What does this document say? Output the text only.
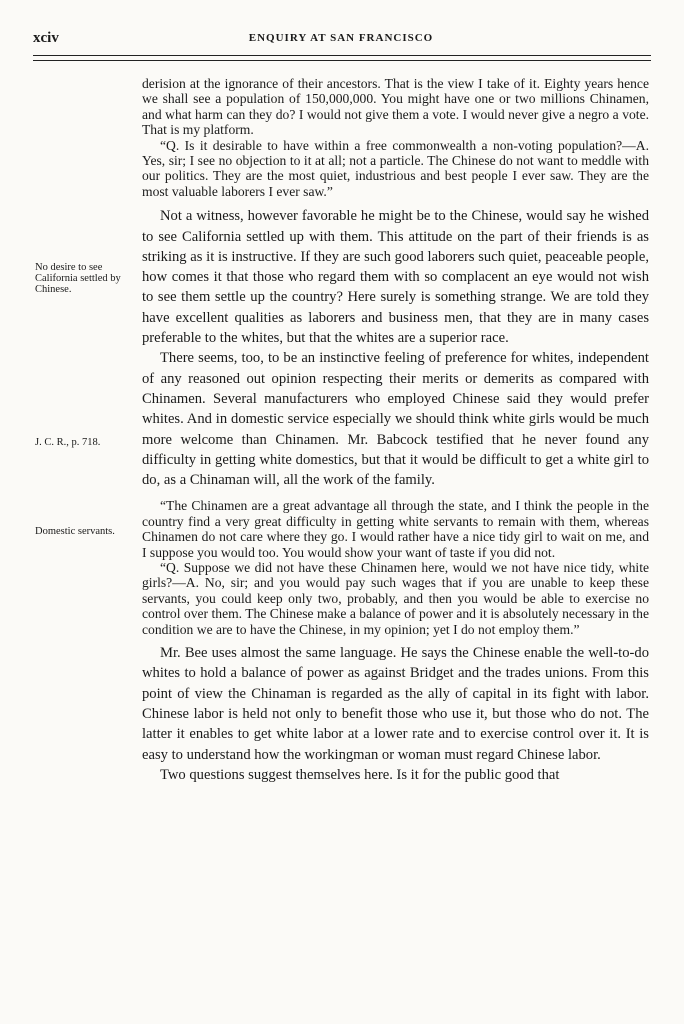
xciv	ENQUIRY AT SAN FRANCISCO
No desire to see California settled by Chinese.
J. C. R., p. 718.
Domestic servants.

derision at the ignorance of their ancestors. That is the view I take of it. Eighty years hence we shall see a population of 150,000,000. You might have one or two millions Chinamen, and what harm can they do? I would not give them a vote. I would never give a negro a vote. That is my platform.

“Q. Is it desirable to have within a free commonwealth a non-voting population?—A. Yes, sir; I see no objection to it at all; not a particle. The Chinese do not want to meddle with our politics. They are the most quiet, industrious and best people I ever saw. They are the most valuable laborers I ever saw.”

Not a witness, however favorable he might be to the Chinese, would say he wished to see California settled up with them. This attitude on the part of their friends is as striking as it is instructive. If they are such good laborers such quiet, peaceable people, how comes it that those who regard them with so complacent an eye would not wish to see them settle up the country? Here surely is something strange. We are told they have excellent qualities as laborers and business men, that they are in many cases preferable to the whites, but that the whites are a superior race.

There seems, too, to be an instinctive feeling of preference for whites, independent of any reasoned out opinion respecting their merits or demerits as compared with Chinamen. Several manufacturers who employed Chinese said they would prefer whites. And in domestic service especially we should think white girls would be much more welcome than Chinamen. Mr. Babcock testified that he never found any difficulty in getting white domestics, but that it would be difficult to get a white girl to do, as a Chinaman will, all the work of the family.

“The Chinamen are a great advantage all through the state, and I think the people in the country find a very great difficulty in getting white servants to remain with them, whereas Chinamen do not care where they go. I would rather have a nice tidy girl to wait on me, and I suppose you would too. You would show your want of taste if you did not.

“Q. Suppose we did not have these Chinamen here, would we not have nice tidy, white girls?—A. No, sir; and you would pay such wages that if you are unable to keep these servants, you could keep only two, probably, and then you would be able to exercise no control over them. The Chinese make a balance of power and it is absolutely necessary in the condition we are to have the Chinese, in my opinion; yet I do not employ them.”

Mr. Bee uses almost the same language. He says the Chinese enable the well-to-do whites to hold a balance of power as against Bridget and the trades unions. From this point of view the Chinaman is regarded as the ally of capital in its fight with labor. Chinese labor is held not only to benefit those who use it, but those who do not. The latter it enables to get white labor at a lower rate and to exercise control over it. It is easy to understand how the workingman or woman must regard Chinese labor.

Two questions suggest themselves here. Is it for the public good that
